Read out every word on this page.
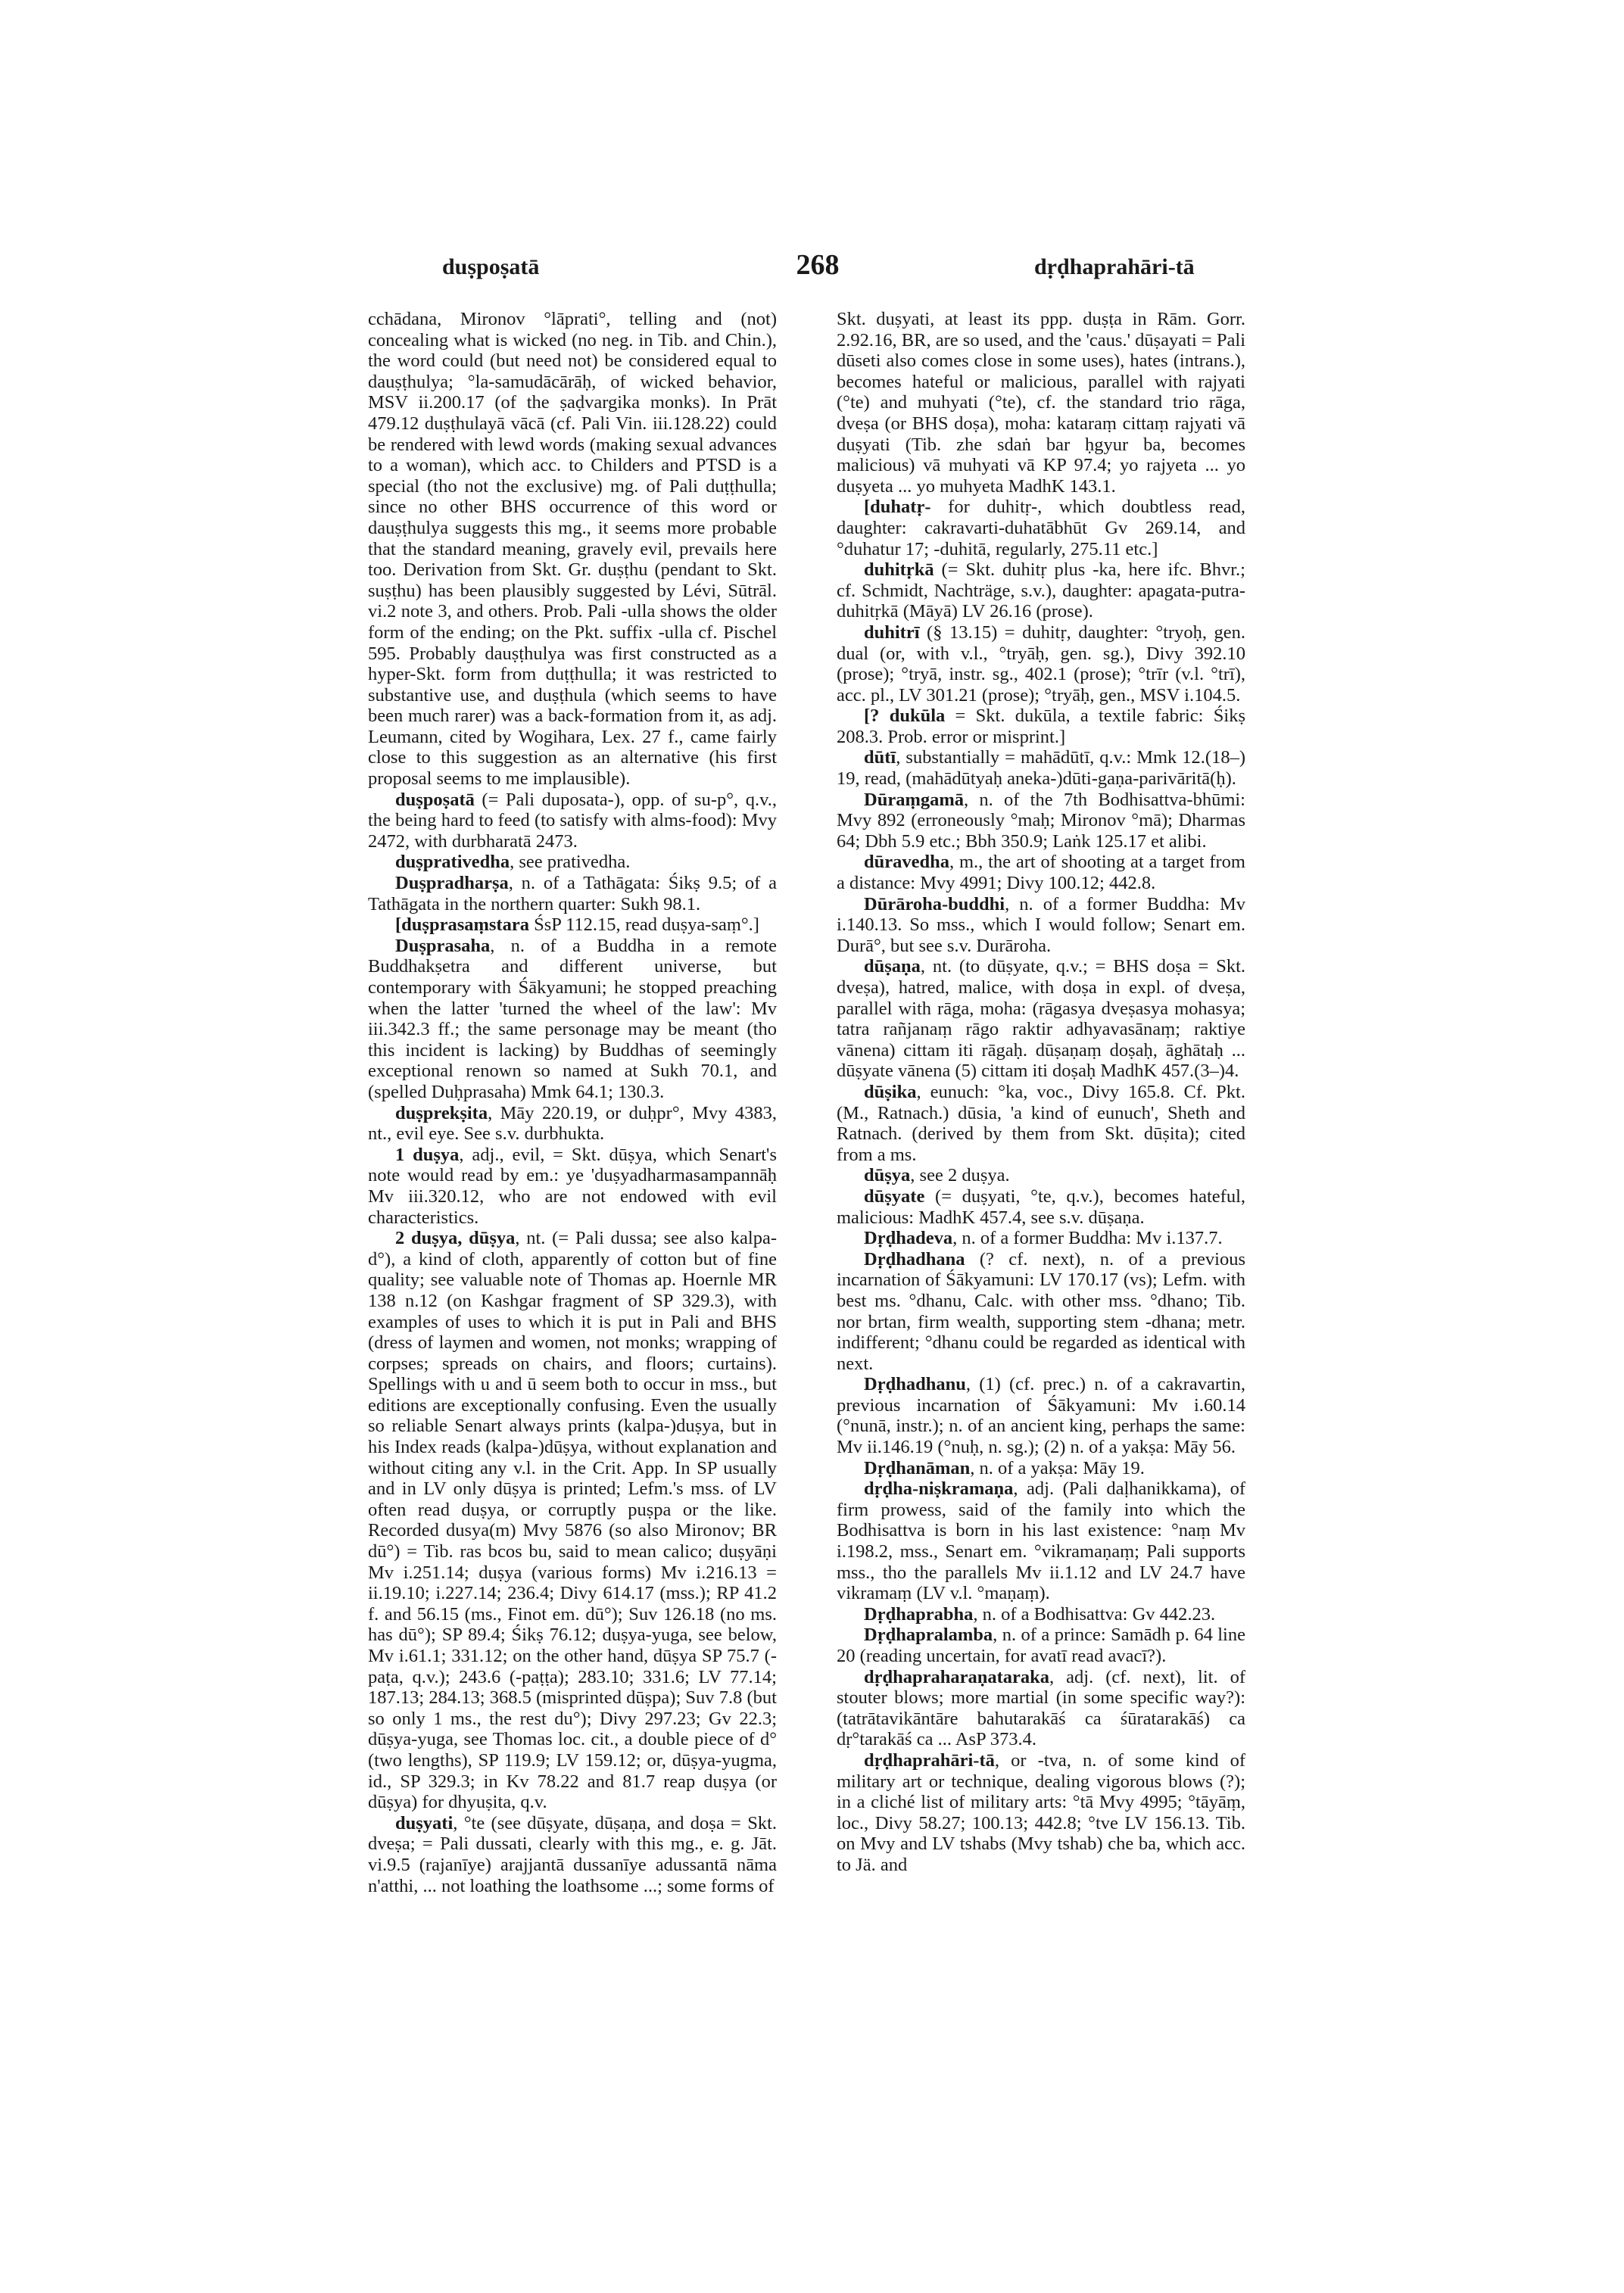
duṣpoṣatā	268	dṛḍhaprahāri-tā

cchādana, Mironov °lāprati°, telling and (not) concealing what is wicked (no neg. in Tib. and Chin.), the word could (but need not) be considered equal to dauṣṭhulya; °la-samudācārāḥ, of wicked behavior, MSV ii.200.17 (of the ṣaḍvargika monks). In Prāt 479.12 duṣṭhulayā vācā (cf. Pali Vin. iii.128.22) could be rendered with lewd words (making sexual advances to a woman), which acc. to Childers and PTSD is a special (tho not the exclusive) mg. of Pali duṭṭhulla; since no other BHS occurrence of this word or dauṣṭhulya suggests this mg., it seems more probable that the standard meaning, gravely evil, prevails here too. Derivation from Skt. Gr. duṣṭhu (pendant to Skt. suṣṭhu) has been plausibly suggested by Lévi, Sūtrāl. vi.2 note 3, and others. Prob. Pali -ulla shows the older form of the ending; on the Pkt. suffix -ulla cf. Pischel 595. Probably dauṣṭhulya was first constructed as a hyper-Skt. form from duṭṭhulla; it was restricted to substantive use, and duṣṭhula (which seems to have been much rarer) was a back-formation from it, as adj. Leumann, cited by Wogihara, Lex. 27 f., came fairly close to this suggestion as an alternative (his first proposal seems to me implausible).

duṣpoṣatā (= Pali duposata-), opp. of su-p°, q.v., the being hard to feed (to satisfy with alms-food): Mvy 2472, with durbharatā 2473.

duṣprativedha, see prativedha.

Duṣpradharṣa, n. of a Tathāgata: Śikṣ 9.5; of a Tathāgata in the northern quarter: Sukh 98.1.

[duṣprasaṃstara ŚsP 112.15, read duṣya-saṃ°.]

Duṣprasaha, n. of a Buddha in a remote Buddhakṣetra and different universe, but contemporary with Śākyamuni; he stopped preaching when the latter 'turned the wheel of the law': Mv iii.342.3 ff.; the same personage may be meant (tho this incident is lacking) by Buddhas of seemingly exceptional renown so named at Sukh 70.1, and (spelled Duḥprasaha) Mmk 64.1; 130.3.

duṣprekṣita, Māy 220.19, or duḥpr°, Mvy 4383, nt., evil eye. See s.v. durbhukta.

1 duṣya, adj., evil, = Skt. dūṣya, which Senart's note would read by em.: ye 'duṣyadharmasampannāḥ Mv iii.320.12, who are not endowed with evil characteristics.

2 duṣya, dūṣya, nt. (= Pali dussa; see also kalpa-d°), a kind of cloth, apparently of cotton but of fine quality; see valuable note of Thomas ap. Hoernle MR 138 n.12 (on Kashgar fragment of SP 329.3), with examples of uses to which it is put in Pali and BHS (dress of laymen and women, not monks; wrapping of corpses; spreads on chairs, and floors; curtains). Spellings with u and ū seem both to occur in mss., but editions are exceptionally confusing. Even the usually so reliable Senart always prints (kalpa-)duṣya, but in his Index reads (kalpa-)dūṣya, without explanation and without citing any v.l. in the Crit. App. In SP usually and in LV only dūṣya is printed; Lefm.'s mss. of LV often read duṣya, or corruptly puṣpa or the like. Recorded dusya(m) Mvy 5876 (so also Mironov; BR dū°) = Tib. ras bcos bu, said to mean calico; duṣyāṇi Mv i.251.14; duṣya (various forms) Mv i.216.13 = ii.19.10; i.227.14; 236.4; Divy 614.17 (mss.); RP 41.2 f. and 56.15 (ms., Finot em. dū°); Suv 126.18 (no ms. has dū°); SP 89.4; Śikṣ 76.12; duṣya-yuga, see below, Mv i.61.1; 331.12; on the other hand, dūṣya SP 75.7 (-paṭa, q.v.); 243.6 (-paṭṭa); 283.10; 331.6; LV 77.14; 187.13; 284.13; 368.5 (misprinted dūṣpa); Suv 7.8 (but so only 1 ms., the rest du°); Divy 297.23; Gv 22.3; dūṣya-yuga, see Thomas loc. cit., a double piece of d° (two lengths), SP 119.9; LV 159.12; or, dūṣya-yugma, id., SP 329.3; in Kv 78.22 and 81.7 reap duṣya (or dūṣya) for dhyuṣita, q.v.

duṣyati, °te (see dūṣyate, dūṣaṇa, and doṣa = Skt. dveṣa; = Pali dussati, clearly with this mg., e. g. Jāt. vi.9.5 (rajanīye) arajjantā dussanīye adussantā nāma n'atthi, ... not loathing the loathsome ...; some forms of

Skt. duṣyati, at least its ppp. duṣṭa in Rām. Gorr. 2.92.16, BR, are so used, and the 'caus.' dūṣayati = Pali dūseti also comes close in some uses), hates (intrans.), becomes hateful or malicious, parallel with rajyati (°te) and muhyati (°te), cf. the standard trio rāga, dveṣa (or BHS doṣa), moha: kataraṃ cittaṃ rajyati vā duṣyati (Tib. zhe sdaṅ bar ḥgyur ba, becomes malicious) vā muhyati vā KP 97.4; yo rajyeta ... yo duṣyeta ... yo muhyeta MadhK 143.1.

[duhatṛ- for duhitṛ-, which doubtless read, daughter: cakravarti-duhatābhūt Gv 269.14, and °duhatur 17; -duhitā, regularly, 275.11 etc.]

duhitṛkā (= Skt. duhitṛ plus -ka, here ifc. Bhvr.; cf. Schmidt, Nachträge, s.v.), daughter: apagata-putra-duhitṛkā (Māyā) LV 26.16 (prose).

duhitrī (§ 13.15) = duhitṛ, daughter: °tryoḥ, gen. dual (or, with v.l., °tryāḥ, gen. sg.), Divy 392.10 (prose); °tryā, instr. sg., 402.1 (prose); °trīr (v.l. °trī), acc. pl., LV 301.21 (prose); °tryāḥ, gen., MSV i.104.5.

[? dukūla = Skt. dukūla, a textile fabric: Śikṣ 208.3. Prob. error or misprint.]

dūtī, substantially = mahādūtī, q.v.: Mmk 12.(18–) 19, read, (mahādūtyaḥ aneka-)dūti-gaṇa-parivāritā(ḥ).

Dūraṃgamā, n. of the 7th Bodhisattva-bhūmi: Mvy 892 (erroneously °maḥ; Mironov °mā); Dharmas 64; Dbh 5.9 etc.; Bbh 350.9; Laṅk 125.17 et alibi.

dūravedha, m., the art of shooting at a target from a distance: Mvy 4991; Divy 100.12; 442.8.

Dūrāroha-buddhi, n. of a former Buddha: Mv i.140.13. So mss., which I would follow; Senart em. Durā°, but see s.v. Durāroha.

dūṣaṇa, nt. (to dūṣyate, q.v.; = BHS doṣa = Skt. dveṣa), hatred, malice, with doṣa in expl. of dveṣa, parallel with rāga, moha: (rāgasya dveṣasya mohasya; tatra rañjanaṃ rāgo raktir adhyavasānaṃ; raktiye vānena) cittam iti rāgaḥ. dūṣaṇaṃ doṣaḥ, āghātaḥ ... dūṣyate vānena (5) cittam iti doṣaḥ MadhK 457.(3–)4.

dūṣika, eunuch: °ka, voc., Divy 165.8. Cf. Pkt. (M., Ratnach.) dūsia, 'a kind of eunuch', Sheth and Ratnach. (derived by them from Skt. dūṣita); cited from a ms.

dūṣya, see 2 duṣya.

dūṣyate (= duṣyati, °te, q.v.), becomes hateful, malicious: MadhK 457.4, see s.v. dūṣaṇa.

Dṛḍhadeva, n. of a former Buddha: Mv i.137.7.

Dṛḍhadhana (? cf. next), n. of a previous incarnation of Śākyamuni: LV 170.17 (vs); Lefm. with best ms. °dhanu, Calc. with other mss. °dhano; Tib. nor brtan, firm wealth, supporting stem -dhana; metr. indifferent; °dhanu could be regarded as identical with next.

Dṛḍhadhanu, (1) (cf. prec.) n. of a cakravartin, previous incarnation of Śākyamuni: Mv i.60.14 (°nunā, instr.); n. of an ancient king, perhaps the same: Mv ii.146.19 (°nuḥ, n. sg.); (2) n. of a yakṣa: Māy 56.

Dṛḍhanāman, n. of a yakṣa: Māy 19.

dṛḍha-niṣkramaṇa, adj. (Pali daḷhanikkama), of firm prowess, said of the family into which the Bodhisattva is born in his last existence: °naṃ Mv i.198.2, mss., Senart em. °vikramaṇaṃ; Pali supports mss., tho the parallels Mv ii.1.12 and LV 24.7 have vikramaṃ (LV v.l. °maṇaṃ).

Dṛḍhaprabha, n. of a Bodhisattva: Gv 442.23.

Dṛḍhapralamba, n. of a prince: Samādh p. 64 line 20 (reading uncertain, for avatī read avacī?).

dṛḍhapraharaṇataraka, adj. (cf. next), lit. of stouter blows; more martial (in some specific way?): (tatrātavikāntāre bahutarakāś ca śūratarakāś) ca dṛ°tarakāś ca ... AsP 373.4.

dṛḍhaprahāri-tā, or -tva, n. of some kind of military art or technique, dealing vigorous blows (?); in a cliché list of military arts: °tā Mvy 4995; °tāyāṃ, loc., Divy 58.27; 100.13; 442.8; °tve LV 156.13. Tib. on Mvy and LV tshabs (Mvy tshab) che ba, which acc. to Jä. and
